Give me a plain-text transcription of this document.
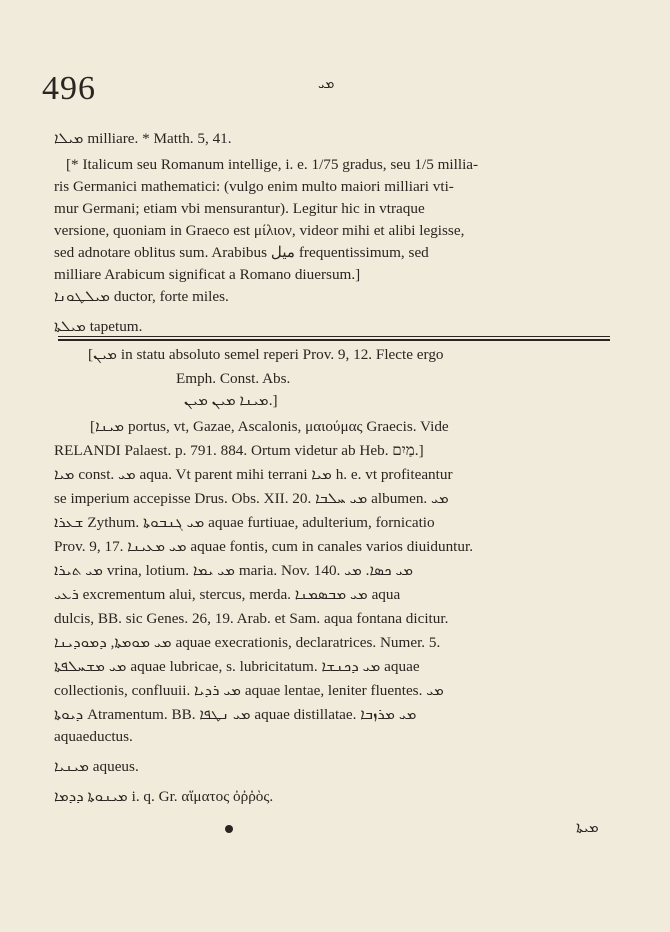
496	ܡܝ
ܡܝܠܐ milliare. * Matth. 5, 41.
[* Italicum seu Romanum intellige, i. e. 1/75 gradus, seu 1/5 millia-
ris Germanici mathematici: (vulgo enim multo maiori milliari vti-
mur Germani; etiam vbi mensurantur). Legitur hic in vtraque
versione, quoniam in Graeco est μίλιον, videor mihi et alibi legisse,
sed adnotare oblitus sum. Arabibus ميل frequentissimum, sed
milliare Arabicum significat a Romano diuersum.]
ܡܝܠܛܘܢܐ ductor, forte miles.
ܡܝܠܬܐ tapetum.
[ܡܝܢ in statu absoluto semel reperi Prov. 9, 12. Flecte ergo
Emph. Const. Abs.
ܡܝܢܐ ܡܝܢ ܡܝܢ.]
[ܡܝܢܐ portus, vt, Gazae, Ascalonis, μαιούμας Graecis. Vide
RELANDI Palaest. p. 791. 884. Ortum videtur ab Heb. מַיִם.]
ܡܝܐ const. ܡܝ aqua. Vt parent mihi terrani ܡܝܐ h. e. vt profiteantur
se imperium accepisse Drus. Obs. XII. 20. ܡܝ ܚܠܒܐ albumen. ܡܝ
ܫܥܪܐ Zythum. ܡܝ ܓܢܒܘܬܐ aquae furtiuae, adulterium, fornicatio
Prov. 9, 17. ܡܝ ܡܥܝܢܐ aquae fontis, cum in canales varios diuiduntur.
ܡܝ ܬܝܪܐ vrina, lotium. ܡܝ ܝܡܐ maria. Nov. 140. ܡܝ ܟܣܐ. ܡܝ
ܪܥܝ excrementum alui, stercus, merda. ܡܝ ܡܒܣܡܢܐ aqua
dulcis, BB. sic Genes. 26, 19. Arab. et Sam. aqua fontana dicitur.
ܡܝ ܡܘܡܬܐ, ܕܡܘܕܝܢܐ aquae execrationis, declaratrices. Numer. 5.
ܡܝ ܡܫܚܠܦܬܐ aquae lubricae, s. lubricitatum. ܡܝ ܕܟܢܫܐ aquae
collectionis, confluuii. ܡܝ ܪܕܝܐ aquae lentae, leniter fluentes. ܡܝ
ܕܝܘܬܐ Atramentum. BB. ܡܝ ܢܛܦܐ aquae distillatae. ܡܝ ܡܪܙܒܐ
aquaeductus.
ܡܝܢܝܐ aqueus.
ܡܝܢܘܬܐ ܕܕܡܐ i. q. Gr. αἵματος ὀῤῥὸς.
ܡܝܬܐ
